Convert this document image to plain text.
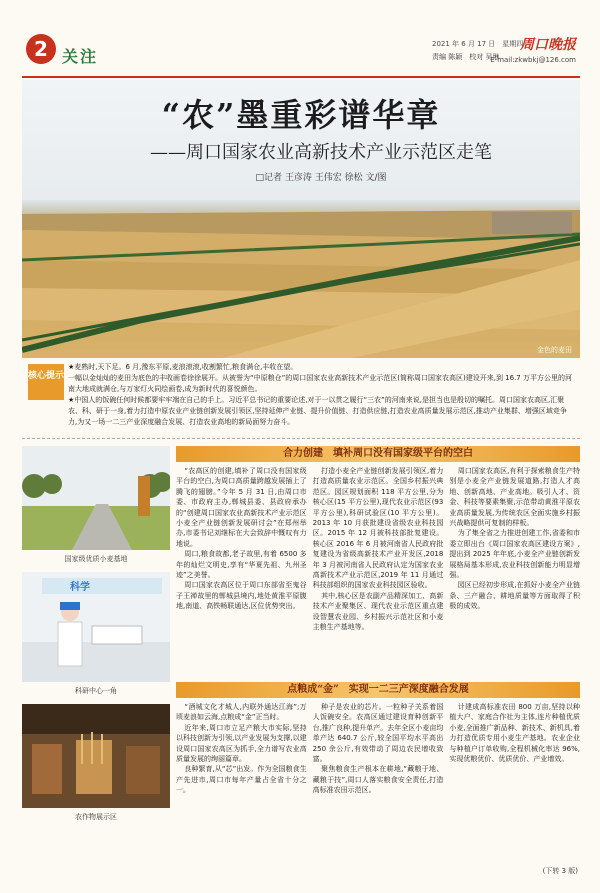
2 关注
2021 年 6 月 17 日　星期四
责编 陈颖　校对 吴琳
周口晚报
E-mail:zkwbkj@126.com
“农”墨重彩谱华章
——周口国家农业高新技术产业示范区走笔
□记者 王彦涛 王伟宏 徐松 文/图
金色的麦田
核心提示

★麦熟时,天下足。6 月,豫东平原,麦浪滚滚,收割繁忙,粮食满仓,丰收在望。

一幅以金灿灿的麦田为底色的丰收画卷徐徐展开。从被誉为“中原粮仓”的周口国家农业高新技术产业示范区(简称周口国家农高区)建设开来,到 16.7 万平方公里的河南大地成就满仓,与万家灯火同绘画卷,成为新时代的喜悦颜色。

★中国人的饭碗任何时候都要牢牢端在自己的手上。习近平总书记的重要论述,对于一以贯之履行“三农”的河南来说,是担当也是殷切的嘱托。周口国家农高区,汇聚农、科、研于一身,着力打造中原农业产业链创新发展引领区,坚持延伸产业链、提升价值链、打造供应链,打造农业高质量发展示范区,推动产业集群、增强区域竞争力,为又一场一二三产业深度融合发展、打造农业高地的新局面努力奋斗。

国家级优质小麦基地
科学
科研中心一角
农作物展示区
合力创建　填补周口没有国家级平台的空白

“农高区的创建,填补了周口没有国家级平台的空白,为周口高质量跨越发展插上了腾飞的翅膀。”今年 5 月 31 日,由周口市委、市政府主办,郸城县委、县政府承办的“创建周口国家农业高新技术产业示范区小麦全产业链创新发展研讨会”在郑州举办,市委书记刘继标在大会致辞中慨叹有力地说。

周口,粮食故都,老子故里,有着 6500 多年的灿烂文明史,享有“华夏先祖、九州圣迹”之美誉。

周口国家农高区位于周口东部省至鬼谷子王禅故里的郸城县境内,地处黄淮平原腹地,南道、高铁畅联通达,区位优势突出。

打造小麦全产业链创新发展引领区,着力打造高质量农业示范区。全国乡村振兴典范区。园区规划面积 118 平方公里,分为核心区(15 平方公里),现代农业示范区(93 平方公里),科研试验区(10 平方公里)。2013 年 10 月获批建设省级农业科技园区。2015 年 12 月被科技部批复建设。核心区 2016 年 6 月被河南省人民政府批复建设为省级高新技术产业开发区,2018 年 3 月被河南省人民政府认定为国家农业高新技术产业示范区,2019 年 11 月通过科技部组织的国家农业科技园区验收。

其中,核心区是农副产品精深加工、高新技术产业聚集区、现代农业示范区重点建设智慧农业园、乡村振兴示范社区和小麦主粮生产基地等。

周口国家农高区,有利于探索粮食生产特别是小麦全产业链发展道路,打造人才高地、创新高地、产业高地。吸引人才、资金、科技等要素集聚,示范带动黄淮平原农业高质量发展,为传统农区全面实施乡村振兴战略提供可复制的样板。

为了集全省之力推进创建工作,省委和市委立即出台《周口国家农高区建设方案》,提出到 2025 年年底,小麦全产业链创新发展格局基本形成,农业科技创新能力明显增强。

园区已经初步形成,在抓好小麦全产业链条、三产融合、耕地质量等方面取得了积极的成效。

点粮成“金”　实现一二三产深度融合发展

“酒城文化才城人,内联外通达江海”;万顷麦浪如云海,点粮成“金”正当时。

近年来,周口市立足产粮大市实际,坚持以科技创新为引领,以产业发展为支撑,以建设周口国家农高区为抓手,全力谱写农业高质量发展的绚丽篇章。

良种繁育,从“芯”出发。作为全国粮食生产先进市,周口市每年产量占全省十分之一。

种子是农业的芯片。一粒种子关系着国人饭碗安全。农高区通过建设育种创新平台,推广良种,提升单产。去年全区小麦亩均单产达 640.7 公斤,较全国平均水平高出 250 余公斤,有效带动了周边农民增收致富。

聚焦粮食生产根本在耕地,“藏粮于地、藏粮于技”,周口人落实粮食安全责任,打造高标准农田示范区。

计建成高标准农田 800 万亩,坚持以种植大户、家庭合作社为主体,连片种植优质小麦,全面推广新品种、新技术、新机具,着力打造优质专用小麦生产基地。农业企业与种植户订单收购,全程机械化率达 96%,实现优粮优价、优质优价、产业增效。

(下转 3 版)
